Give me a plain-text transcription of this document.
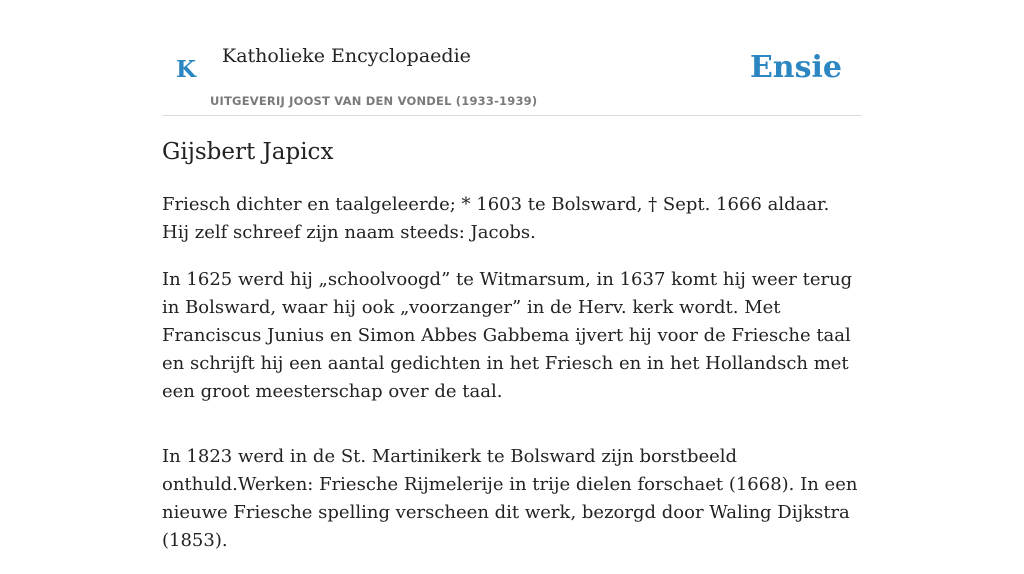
K Katholieke Encyclopaedie
UITGEVERIJ JOOST VAN DEN VONDEL (1933-1939)
Ensie
Gijsbert Japicx

Friesch dichter en taalgeleerde; * 1603 te Bolsward, † Sept. 1666 aldaar. Hij zelf schreef zijn naam steeds: Jacobs.

In 1625 werd hij „schoolvoogd” te Witmarsum, in 1637 komt hij weer terug in Bolsward, waar hij ook „voorzanger” in de Herv. kerk wordt. Met Franciscus Junius en Simon Abbes Gabbema ijvert hij voor de Friesche taal en schrijft hij een aantal gedichten in het Friesch en in het Hollandsch met een groot meesterschap over de taal.

In 1823 werd in de St. Martinikerk te Bolsward zijn borstbeeld onthuld.Werken: Friesche Rijmelerije in trije dielen forschaet (1668). In een nieuwe Friesche spelling verscheen dit werk, bezorgd door Waling Dijkstra (1853).
